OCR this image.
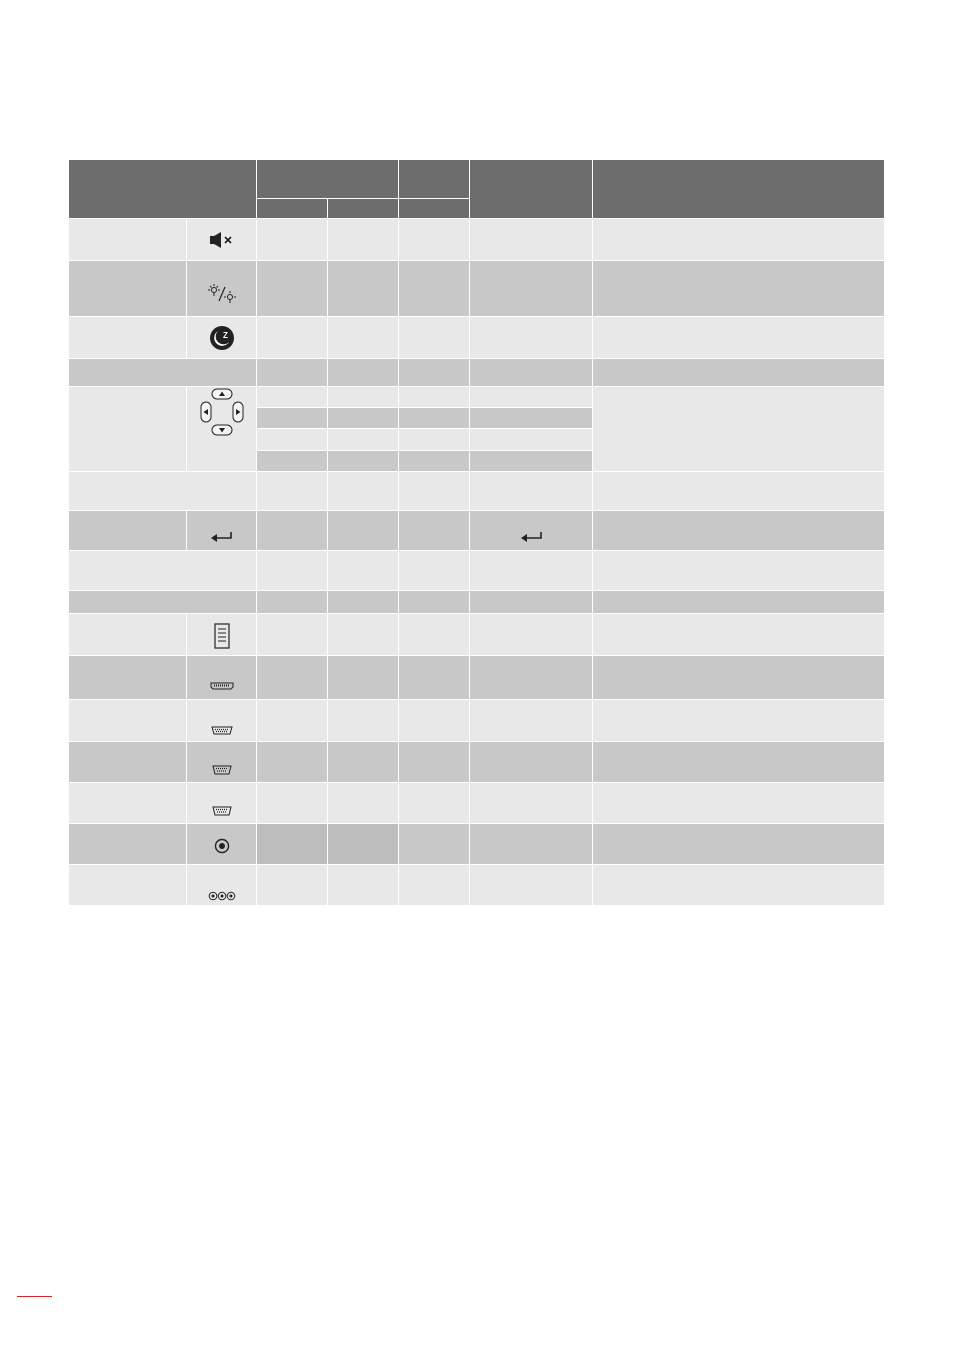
z Z
